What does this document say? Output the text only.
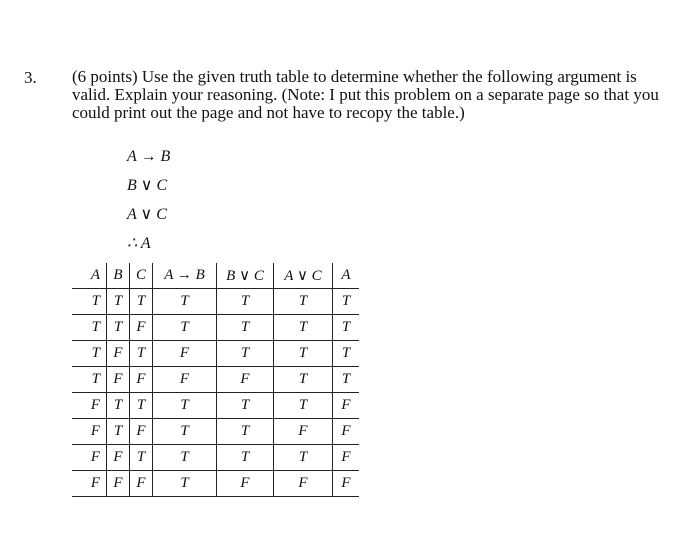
3. (6 points) Use the given truth table to determine whether the following argument is valid. Explain your reasoning. (Note: I put this problem on a separate page so that you could print out the page and not have to recopy the table.)
A → B
B ∨ C
A ∨ C
∴ A
A	B	C	A → B	B ∨ C	A ∨ C	A
T	T	T	T	T	T	T
T	T	F	T	T	T	T
T	F	T	F	T	T	T
T	F	F	F	F	T	T
F	T	T	T	T	T	F
F	T	F	T	T	F	F
F	F	T	T	T	T	F
F	F	F	T	F	F	F
